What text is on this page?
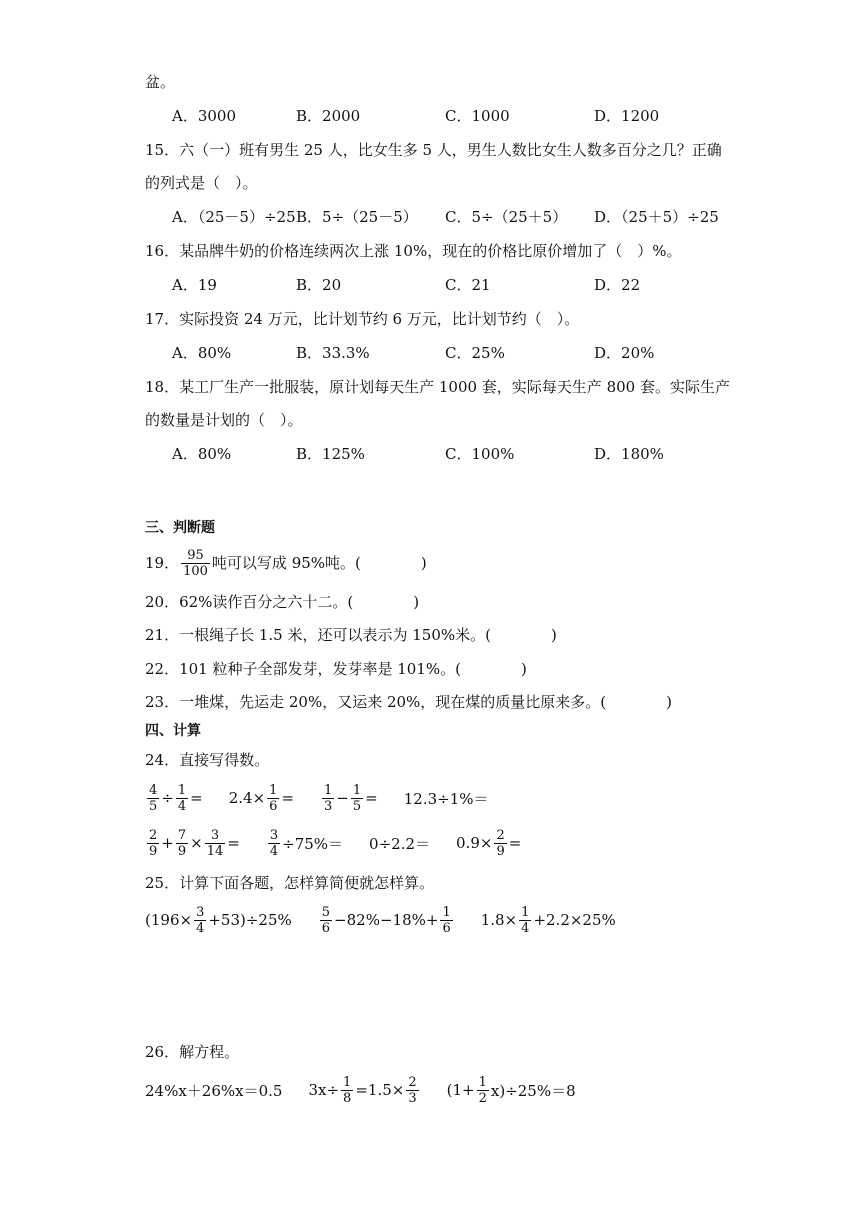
盆。
A．3000	B．2000	C．1000	D．1200
15．六（一）班有男生 25 人，比女生多 5 人，男生人数比女生人数多百分之几？正确
的列式是（　）。
A．（25－5）÷25 B．5÷（25－5） C．5÷（25＋5） D．（25＋5）÷25
16．某品牌牛奶的价格连续两次上涨 10%，现在的价格比原价增加了（　）%。
A．19	B．20	C．21	D．22
17．实际投资 24 万元，比计划节约 6 万元，比计划节约（　）。
A．80%	B．33.3%	C．25%	D．20%
18．某工厂生产一批服装，原计划每天生产 1000 套，实际每天生产 800 套。实际生产
的数量是计划的（　）。
A．80%	B．125%	C．100%	D．180%
三、判断题
19． $\frac{95}{100}$ 吨可以写成 95%吨。(　　　　)
20．62%读作百分之六十二。(　　　　)
21．一根绳子长 1.5 米，还可以表示为 150%米。(　　　　)
22．101 粒种子全部发芽，发芽率是 101%。(　　　　)
23．一堆煤，先运走 20%，又运来 20%，现在煤的质量比原来多。(　　　　)
四、计算
24．直接写得数。
$\frac{4}{5} \div \frac{1}{4} = 2.4\times \frac{1}{6} = \frac{1}{3} - \frac{1}{5} = 12.3\div 1\%=$
$\frac{2}{9} + \frac{7}{9} \times \frac{3}{14} = \frac{3}{4} \div 75\%= 0\div 2.2= 0.9\times \frac{2}{9}$ =
25．计算下面各题，怎样算简便就怎样算。
$(196\times \frac{3}{4} +53)\div 25\% \frac{5}{6} -82\%-18\%+ \frac{1}{6} 1.8\times \frac{1}{4} +2.2\times 25\%$
26．解方程。
24%x＋26%x＝0.5 $3x\div \frac{1}{8} =1.5\times \frac{2}{3} (1+ \frac{1}{2} x)\div 25\%=8$
